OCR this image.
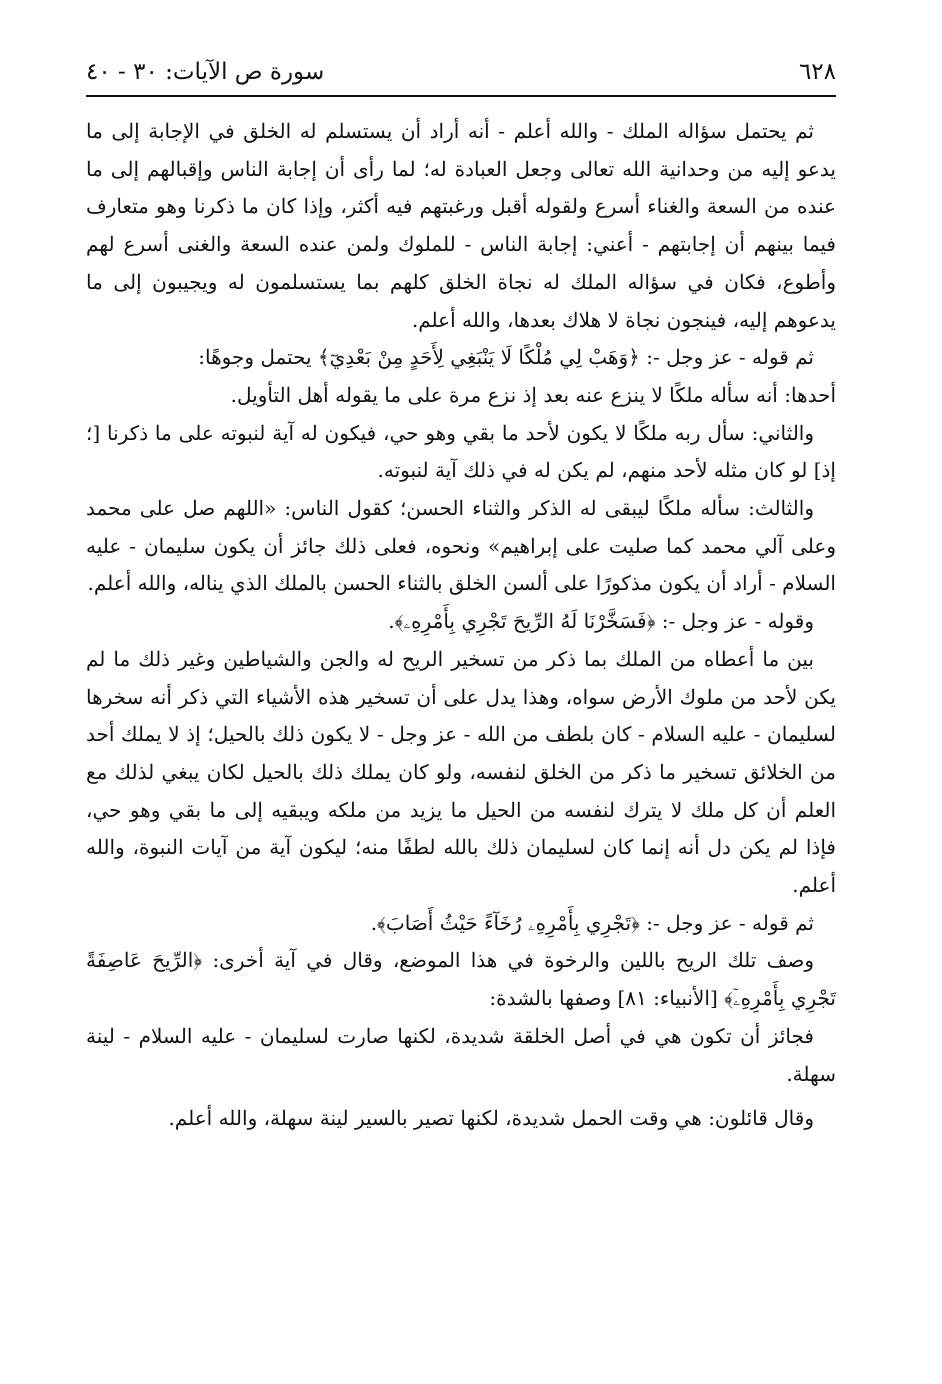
٦٢٨
سورة ص الآيات: ٣٠ - ٤٠

ثم يحتمل سؤاله الملك - والله أعلم - أنه أراد أن يستسلم له الخلق في الإجابة إلى ما يدعو إليه من وحدانية الله تعالى وجعل العبادة له؛ لما رأى أن إجابة الناس وإقبالهم إلى ما عنده من السعة والغناء أسرع ولقوله أقبل ورغبتهم فيه أكثر، وإذا كان ما ذكرنا وهو متعارف فيما بينهم أن إجابتهم - أعني: إجابة الناس - للملوك ولمن عنده السعة والغنى أسرع لهم وأطوع، فكان في سؤاله الملك له نجاة الخلق كلهم بما يستسلمون له ويجيبون إلى ما يدعوهم إليه، فينجون نجاة لا هلاك بعدها، والله أعلم.

ثم قوله - عز وجل -: ﴿وَهَبْ لِي مُلْكًا لَا يَنْبَغِي لِأَحَدٍ مِنْ بَعْدِيٓ﴾ يحتمل وجوهًا:

أحدها: أنه سأله ملكًا لا ينزع عنه بعد إذ نزع مرة على ما يقوله أهل التأويل.

والثاني: سأل ربه ملكًا لا يكون لأحد ما بقي وهو حي، فيكون له آية لنبوته على ما ذكرنا [؛ إذ] لو كان مثله لأحد منهم، لم يكن له في ذلك آية لنبوته.

والثالث: سأله ملكًا ليبقى له الذكر والثناء الحسن؛ كقول الناس: «اللهم صل على محمد وعلى آلي محمد كما صليت على إبراهيم» ونحوه، فعلى ذلك جائز أن يكون سليمان - عليه السلام - أراد أن يكون مذكورًا على ألسن الخلق بالثناء الحسن بالملك الذي يناله، والله أعلم.

وقوله - عز وجل -: ﴿فَسَخَّرْنَا لَهُ الرِّيحَ تَجْرِي بِأَمْرِهِۦ﴾.

بين ما أعطاه من الملك بما ذكر من تسخير الريح له والجن والشياطين وغير ذلك ما لم يكن لأحد من ملوك الأرض سواه، وهذا يدل على أن تسخير هذه الأشياء التي ذكر أنه سخرها لسليمان - عليه السلام - كان بلطف من الله - عز وجل - لا يكون ذلك بالحيل؛ إذ لا يملك أحد من الخلائق تسخير ما ذكر من الخلق لنفسه، ولو كان يملك ذلك بالحيل لكان يبغي لذلك مع العلم أن كل ملك لا يترك لنفسه من الحيل ما يزيد من ملكه ويبقيه إلى ما بقي وهو حي، فإذا لم يكن دل أنه إنما كان لسليمان ذلك بالله لطفًا منه؛ ليكون آية من آيات النبوة، والله أعلم.

ثم قوله - عز وجل -: ﴿تَجْرِي بِأَمْرِهِۦ رُخَآءً حَيْثُ أَصَابَ﴾.

وصف تلك الريح باللين والرخوة في هذا الموضع، وقال في آية أخرى: ﴿الرِّيحَ عَاصِفَةً تَجْرِي بِأَمْرِهِۦٓ﴾ [الأنبياء: ٨١] وصفها بالشدة:

فجائز أن تكون هي في أصل الخلقة شديدة، لكنها صارت لسليمان - عليه السلام - لينة سهلة.

وقال قائلون: هي وقت الحمل شديدة، لكنها تصير بالسير لينة سهلة، والله أعلم.
